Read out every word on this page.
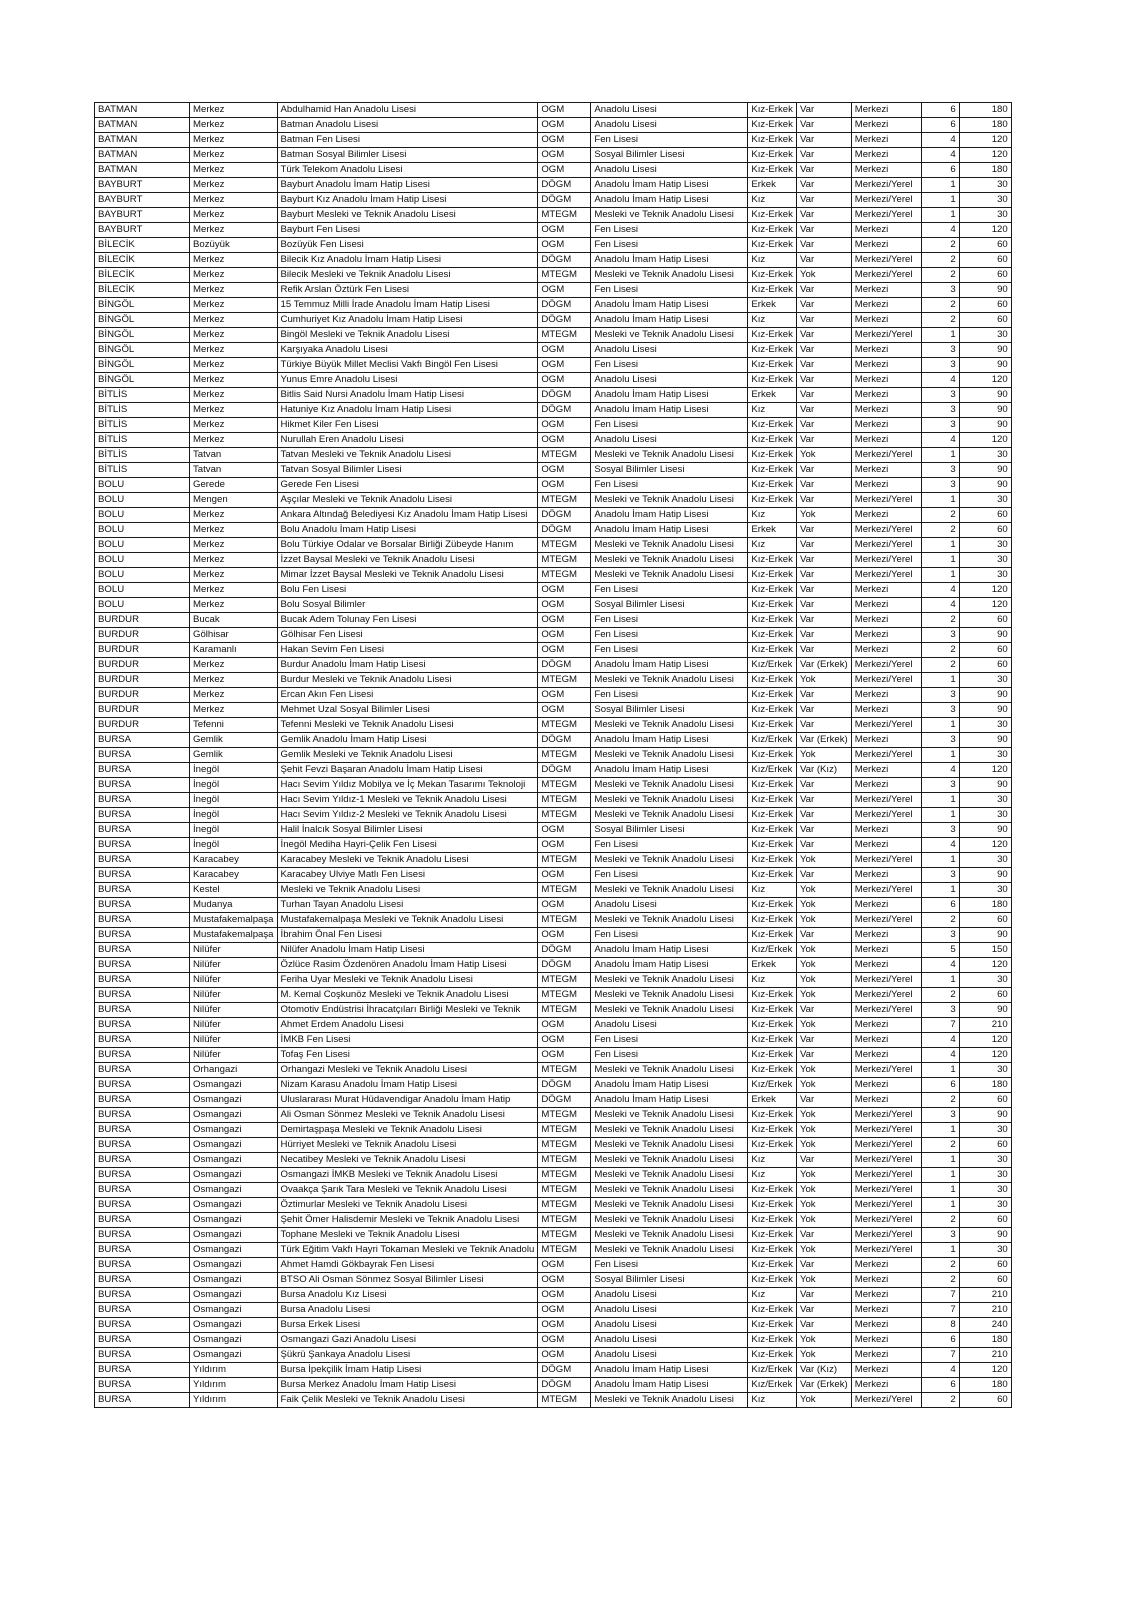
BATMAN	Merkez	Abdulhamid Han Anadolu Lisesi	OGM	Anadolu Lisesi	Kız-Erkek	Var	Merkezi	6	180
BATMAN	Merkez	Batman Anadolu Lisesi	OGM	Anadolu Lisesi	Kız-Erkek	Var	Merkezi	6	180
BATMAN	Merkez	Batman Fen Lisesi	OGM	Fen Lisesi	Kız-Erkek	Var	Merkezi	4	120
BATMAN	Merkez	Batman Sosyal Bilimler Lisesi	OGM	Sosyal Bilimler Lisesi	Kız-Erkek	Var	Merkezi	4	120
BATMAN	Merkez	Türk Telekom Anadolu Lisesi	OGM	Anadolu Lisesi	Kız-Erkek	Var	Merkezi	6	180
BAYBURT	Merkez	Bayburt Anadolu İmam Hatip Lisesi	DÖGM	Anadolu İmam Hatip Lisesi	Erkek	Var	Merkezi/Yerel	1	30
BAYBURT	Merkez	Bayburt Kız Anadolu İmam Hatip Lisesi	DÖGM	Anadolu İmam Hatip Lisesi	Kız	Var	Merkezi/Yerel	1	30
BAYBURT	Merkez	Bayburt Mesleki ve Teknik Anadolu Lisesi	MTEGM	Mesleki ve Teknik Anadolu Lisesi	Kız-Erkek	Var	Merkezi/Yerel	1	30
BAYBURT	Merkez	Bayburt Fen Lisesi	OGM	Fen Lisesi	Kız-Erkek	Var	Merkezi	4	120
BİLECİK	Bozüyük	Bozüyük Fen Lisesi	OGM	Fen Lisesi	Kız-Erkek	Var	Merkezi	2	60
BİLECİK	Merkez	Bilecik Kız Anadolu İmam Hatip Lisesi	DÖGM	Anadolu İmam Hatip Lisesi	Kız	Var	Merkezi/Yerel	2	60
BİLECİK	Merkez	Bilecik Mesleki ve Teknik Anadolu Lisesi	MTEGM	Mesleki ve Teknik Anadolu Lisesi	Kız-Erkek	Yok	Merkezi/Yerel	2	60
BİLECİK	Merkez	Refik Arslan Öztürk Fen Lisesi	OGM	Fen Lisesi	Kız-Erkek	Var	Merkezi	3	90
BİNGÖL	Merkez	15 Temmuz Milli İrade Anadolu İmam Hatip Lisesi	DÖGM	Anadolu İmam Hatip Lisesi	Erkek	Var	Merkezi	2	60
BİNGÖL	Merkez	Cumhuriyet Kız Anadolu İmam Hatip Lisesi	DÖGM	Anadolu İmam Hatip Lisesi	Kız	Var	Merkezi	2	60
BİNGÖL	Merkez	Bingöl Mesleki ve Teknik Anadolu Lisesi	MTEGM	Mesleki ve Teknik Anadolu Lisesi	Kız-Erkek	Var	Merkezi/Yerel	1	30
BİNGÖL	Merkez	Karşıyaka Anadolu Lisesi	OGM	Anadolu Lisesi	Kız-Erkek	Var	Merkezi	3	90
BİNGÖL	Merkez	Türkiye Büyük Millet Meclisi Vakfı Bingöl Fen Lisesi	OGM	Fen Lisesi	Kız-Erkek	Var	Merkezi	3	90
BİNGÖL	Merkez	Yunus Emre Anadolu Lisesi	OGM	Anadolu Lisesi	Kız-Erkek	Var	Merkezi	4	120
BİTLİS	Merkez	Bitlis Said Nursi Anadolu İmam Hatip Lisesi	DÖGM	Anadolu İmam Hatip Lisesi	Erkek	Var	Merkezi	3	90
BİTLİS	Merkez	Hatuniye Kız Anadolu İmam Hatip Lisesi	DÖGM	Anadolu İmam Hatip Lisesi	Kız	Var	Merkezi	3	90
BİTLİS	Merkez	Hikmet Kiler Fen Lisesi	OGM	Fen Lisesi	Kız-Erkek	Var	Merkezi	3	90
BİTLİS	Merkez	Nurullah Eren Anadolu Lisesi	OGM	Anadolu Lisesi	Kız-Erkek	Var	Merkezi	4	120
BİTLİS	Tatvan	Tatvan Mesleki ve Teknik Anadolu Lisesi	MTEGM	Mesleki ve Teknik Anadolu Lisesi	Kız-Erkek	Yok	Merkezi/Yerel	1	30
BİTLİS	Tatvan	Tatvan Sosyal Bilimler Lisesi	OGM	Sosyal Bilimler Lisesi	Kız-Erkek	Var	Merkezi	3	90
BOLU	Gerede	Gerede Fen Lisesi	OGM	Fen Lisesi	Kız-Erkek	Var	Merkezi	3	90
BOLU	Mengen	Aşçılar Mesleki ve Teknik Anadolu Lisesi	MTEGM	Mesleki ve Teknik Anadolu Lisesi	Kız-Erkek	Var	Merkezi/Yerel	1	30
BOLU	Merkez	Ankara Altındağ Belediyesi Kız Anadolu İmam Hatip Lisesi	DÖGM	Anadolu İmam Hatip Lisesi	Kız	Yok	Merkezi	2	60
BOLU	Merkez	Bolu Anadolu İmam Hatip Lisesi	DÖGM	Anadolu İmam Hatip Lisesi	Erkek	Var	Merkezi/Yerel	2	60
BOLU	Merkez	Bolu Türkiye Odalar ve Borsalar Birliği Zübeyde Hanım	MTEGM	Mesleki ve Teknik Anadolu Lisesi	Kız	Var	Merkezi/Yerel	1	30
BOLU	Merkez	İzzet Baysal Mesleki ve Teknik Anadolu Lisesi	MTEGM	Mesleki ve Teknik Anadolu Lisesi	Kız-Erkek	Var	Merkezi/Yerel	1	30
BOLU	Merkez	Mimar İzzet Baysal Mesleki ve Teknik Anadolu Lisesi	MTEGM	Mesleki ve Teknik Anadolu Lisesi	Kız-Erkek	Var	Merkezi/Yerel	1	30
BOLU	Merkez	Bolu Fen Lisesi	OGM	Fen Lisesi	Kız-Erkek	Var	Merkezi	4	120
BOLU	Merkez	Bolu Sosyal Bilimler	OGM	Sosyal Bilimler Lisesi	Kız-Erkek	Var	Merkezi	4	120
BURDUR	Bucak	Bucak Adem Tolunay Fen Lisesi	OGM	Fen Lisesi	Kız-Erkek	Var	Merkezi	2	60
BURDUR	Gölhisar	Gölhisar Fen Lisesi	OGM	Fen Lisesi	Kız-Erkek	Var	Merkezi	3	90
BURDUR	Karamanlı	Hakan Sevim Fen Lisesi	OGM	Fen Lisesi	Kız-Erkek	Var	Merkezi	2	60
BURDUR	Merkez	Burdur Anadolu İmam Hatip Lisesi	DÖGM	Anadolu İmam Hatip Lisesi	Kız/Erkek	Var (Erkek)	Merkezi/Yerel	2	60
BURDUR	Merkez	Burdur Mesleki ve Teknik Anadolu Lisesi	MTEGM	Mesleki ve Teknik Anadolu Lisesi	Kız-Erkek	Yok	Merkezi/Yerel	1	30
BURDUR	Merkez	Ercan Akın Fen Lisesi	OGM	Fen Lisesi	Kız-Erkek	Var	Merkezi	3	90
BURDUR	Merkez	Mehmet Uzal Sosyal Bilimler Lisesi	OGM	Sosyal Bilimler Lisesi	Kız-Erkek	Var	Merkezi	3	90
BURDUR	Tefenni	Tefenni Mesleki ve Teknik Anadolu Lisesi	MTEGM	Mesleki ve Teknik Anadolu Lisesi	Kız-Erkek	Var	Merkezi/Yerel	1	30
BURSA	Gemlik	Gemlik Anadolu İmam Hatip Lisesi	DÖGM	Anadolu İmam Hatip Lisesi	Kız/Erkek	Var (Erkek)	Merkezi	3	90
BURSA	Gemlik	Gemlik Mesleki ve Teknik Anadolu Lisesi	MTEGM	Mesleki ve Teknik Anadolu Lisesi	Kız-Erkek	Yok	Merkezi/Yerel	1	30
BURSA	İnegöl	Şehit Fevzi Başaran Anadolu İmam Hatip Lisesi	DÖGM	Anadolu İmam Hatip Lisesi	Kız/Erkek	Var (Kız)	Merkezi	4	120
BURSA	İnegöl	Hacı Sevim Yıldız Mobilya ve İç Mekan Tasarımı Teknoloji	MTEGM	Mesleki ve Teknik Anadolu Lisesi	Kız-Erkek	Var	Merkezi	3	90
BURSA	İnegöl	Hacı Sevim Yıldız-1 Mesleki ve Teknik Anadolu Lisesi	MTEGM	Mesleki ve Teknik Anadolu Lisesi	Kız-Erkek	Var	Merkezi/Yerel	1	30
BURSA	İnegöl	Hacı Sevim Yıldız-2 Mesleki ve Teknik Anadolu Lisesi	MTEGM	Mesleki ve Teknik Anadolu Lisesi	Kız-Erkek	Var	Merkezi/Yerel	1	30
BURSA	İnegöl	Halil İnalcık Sosyal Bilimler Lisesi	OGM	Sosyal Bilimler Lisesi	Kız-Erkek	Var	Merkezi	3	90
BURSA	İnegöl	İnegöl Mediha Hayri-Çelik Fen Lisesi	OGM	Fen Lisesi	Kız-Erkek	Var	Merkezi	4	120
BURSA	Karacabey	Karacabey Mesleki ve Teknik Anadolu Lisesi	MTEGM	Mesleki ve Teknik Anadolu Lisesi	Kız-Erkek	Yok	Merkezi/Yerel	1	30
BURSA	Karacabey	Karacabey Ulviye Matlı Fen Lisesi	OGM	Fen Lisesi	Kız-Erkek	Var	Merkezi	3	90
BURSA	Kestel	Mesleki ve Teknik Anadolu Lisesi	MTEGM	Mesleki ve Teknik Anadolu Lisesi	Kız	Yok	Merkezi/Yerel	1	30
BURSA	Mudanya	Turhan Tayan Anadolu Lisesi	OGM	Anadolu Lisesi	Kız-Erkek	Yok	Merkezi	6	180
BURSA	Mustafakemalpaşa	Mustafakemalpaşa Mesleki ve Teknik Anadolu Lisesi	MTEGM	Mesleki ve Teknik Anadolu Lisesi	Kız-Erkek	Yok	Merkezi/Yerel	2	60
BURSA	Mustafakemalpaşa	İbrahim Önal Fen Lisesi	OGM	Fen Lisesi	Kız-Erkek	Var	Merkezi	3	90
BURSA	Nilüfer	Nilüfer Anadolu İmam Hatip Lisesi	DÖGM	Anadolu İmam Hatip Lisesi	Kız/Erkek	Yok	Merkezi	5	150
BURSA	Nilüfer	Özlüce Rasim Özdenören Anadolu İmam Hatip Lisesi	DÖGM	Anadolu İmam Hatip Lisesi	Erkek	Yok	Merkezi	4	120
BURSA	Nilüfer	Feriha Uyar Mesleki ve Teknik Anadolu Lisesi	MTEGM	Mesleki ve Teknik Anadolu Lisesi	Kız	Yok	Merkezi/Yerel	1	30
BURSA	Nilüfer	M. Kemal Coşkunöz Mesleki ve Teknik Anadolu Lisesi	MTEGM	Mesleki ve Teknik Anadolu Lisesi	Kız-Erkek	Yok	Merkezi/Yerel	2	60
BURSA	Nilüfer	Otomotiv Endüstrisi İhracatçıları Birliği Mesleki ve Teknik	MTEGM	Mesleki ve Teknik Anadolu Lisesi	Kız-Erkek	Var	Merkezi/Yerel	3	90
BURSA	Nilüfer	Ahmet Erdem Anadolu Lisesi	OGM	Anadolu Lisesi	Kız-Erkek	Yok	Merkezi	7	210
BURSA	Nilüfer	İMKB Fen Lisesi	OGM	Fen Lisesi	Kız-Erkek	Var	Merkezi	4	120
BURSA	Nilüfer	Tofaş Fen Lisesi	OGM	Fen Lisesi	Kız-Erkek	Var	Merkezi	4	120
BURSA	Orhangazi	Orhangazi Mesleki ve Teknik Anadolu Lisesi	MTEGM	Mesleki ve Teknik Anadolu Lisesi	Kız-Erkek	Yok	Merkezi/Yerel	1	30
BURSA	Osmangazi	Nizam Karasu Anadolu İmam Hatip Lisesi	DÖGM	Anadolu İmam Hatip Lisesi	Kız/Erkek	Yok	Merkezi	6	180
BURSA	Osmangazi	Uluslararası Murat Hüdavendigar Anadolu İmam Hatip	DÖGM	Anadolu İmam Hatip Lisesi	Erkek	Var	Merkezi	2	60
BURSA	Osmangazi	Ali Osman Sönmez Mesleki ve Teknik Anadolu Lisesi	MTEGM	Mesleki ve Teknik Anadolu Lisesi	Kız-Erkek	Yok	Merkezi/Yerel	3	90
BURSA	Osmangazi	Demirtaşpaşa Mesleki ve Teknik Anadolu Lisesi	MTEGM	Mesleki ve Teknik Anadolu Lisesi	Kız-Erkek	Yok	Merkezi/Yerel	1	30
BURSA	Osmangazi	Hürriyet Mesleki ve Teknik Anadolu Lisesi	MTEGM	Mesleki ve Teknik Anadolu Lisesi	Kız-Erkek	Yok	Merkezi/Yerel	2	60
BURSA	Osmangazi	Necatibey Mesleki ve Teknik Anadolu Lisesi	MTEGM	Mesleki ve Teknik Anadolu Lisesi	Kız	Var	Merkezi/Yerel	1	30
BURSA	Osmangazi	Osmangazi İMKB Mesleki ve Teknik Anadolu Lisesi	MTEGM	Mesleki ve Teknik Anadolu Lisesi	Kız	Yok	Merkezi/Yerel	1	30
BURSA	Osmangazi	Ovaakça Şarık Tara Mesleki ve Teknik Anadolu Lisesi	MTEGM	Mesleki ve Teknik Anadolu Lisesi	Kız-Erkek	Yok	Merkezi/Yerel	1	30
BURSA	Osmangazi	Öztimurlar Mesleki ve Teknik Anadolu Lisesi	MTEGM	Mesleki ve Teknik Anadolu Lisesi	Kız-Erkek	Yok	Merkezi/Yerel	1	30
BURSA	Osmangazi	Şehit Ömer Halisdemir Mesleki ve Teknik Anadolu Lisesi	MTEGM	Mesleki ve Teknik Anadolu Lisesi	Kız-Erkek	Yok	Merkezi/Yerel	2	60
BURSA	Osmangazi	Tophane Mesleki ve Teknik Anadolu Lisesi	MTEGM	Mesleki ve Teknik Anadolu Lisesi	Kız-Erkek	Var	Merkezi/Yerel	3	90
BURSA	Osmangazi	Türk Eğitim Vakfı Hayri Tokaman Mesleki ve Teknik Anadolu	MTEGM	Mesleki ve Teknik Anadolu Lisesi	Kız-Erkek	Yok	Merkezi/Yerel	1	30
BURSA	Osmangazi	Ahmet Hamdi Gökbayrak Fen Lisesi	OGM	Fen Lisesi	Kız-Erkek	Var	Merkezi	2	60
BURSA	Osmangazi	BTSO Ali Osman Sönmez Sosyal Bilimler Lisesi	OGM	Sosyal Bilimler Lisesi	Kız-Erkek	Yok	Merkezi	2	60
BURSA	Osmangazi	Bursa Anadolu Kız Lisesi	OGM	Anadolu Lisesi	Kız	Var	Merkezi	7	210
BURSA	Osmangazi	Bursa Anadolu Lisesi	OGM	Anadolu Lisesi	Kız-Erkek	Var	Merkezi	7	210
BURSA	Osmangazi	Bursa Erkek Lisesi	OGM	Anadolu Lisesi	Kız-Erkek	Var	Merkezi	8	240
BURSA	Osmangazi	Osmangazi Gazi Anadolu Lisesi	OGM	Anadolu Lisesi	Kız-Erkek	Yok	Merkezi	6	180
BURSA	Osmangazi	Şükrü Şankaya Anadolu Lisesi	OGM	Anadolu Lisesi	Kız-Erkek	Yok	Merkezi	7	210
BURSA	Yıldırım	Bursa İpekçilik İmam Hatip Lisesi	DÖGM	Anadolu İmam Hatip Lisesi	Kız/Erkek	Var (Kız)	Merkezi	4	120
BURSA	Yıldırım	Bursa Merkez Anadolu İmam Hatip Lisesi	DÖGM	Anadolu İmam Hatip Lisesi	Kız/Erkek	Var (Erkek)	Merkezi	6	180
BURSA	Yıldırım	Faik Çelik Mesleki ve Teknik Anadolu Lisesi	MTEGM	Mesleki ve Teknik Anadolu Lisesi	Kız	Yok	Merkezi/Yerel	2	60
